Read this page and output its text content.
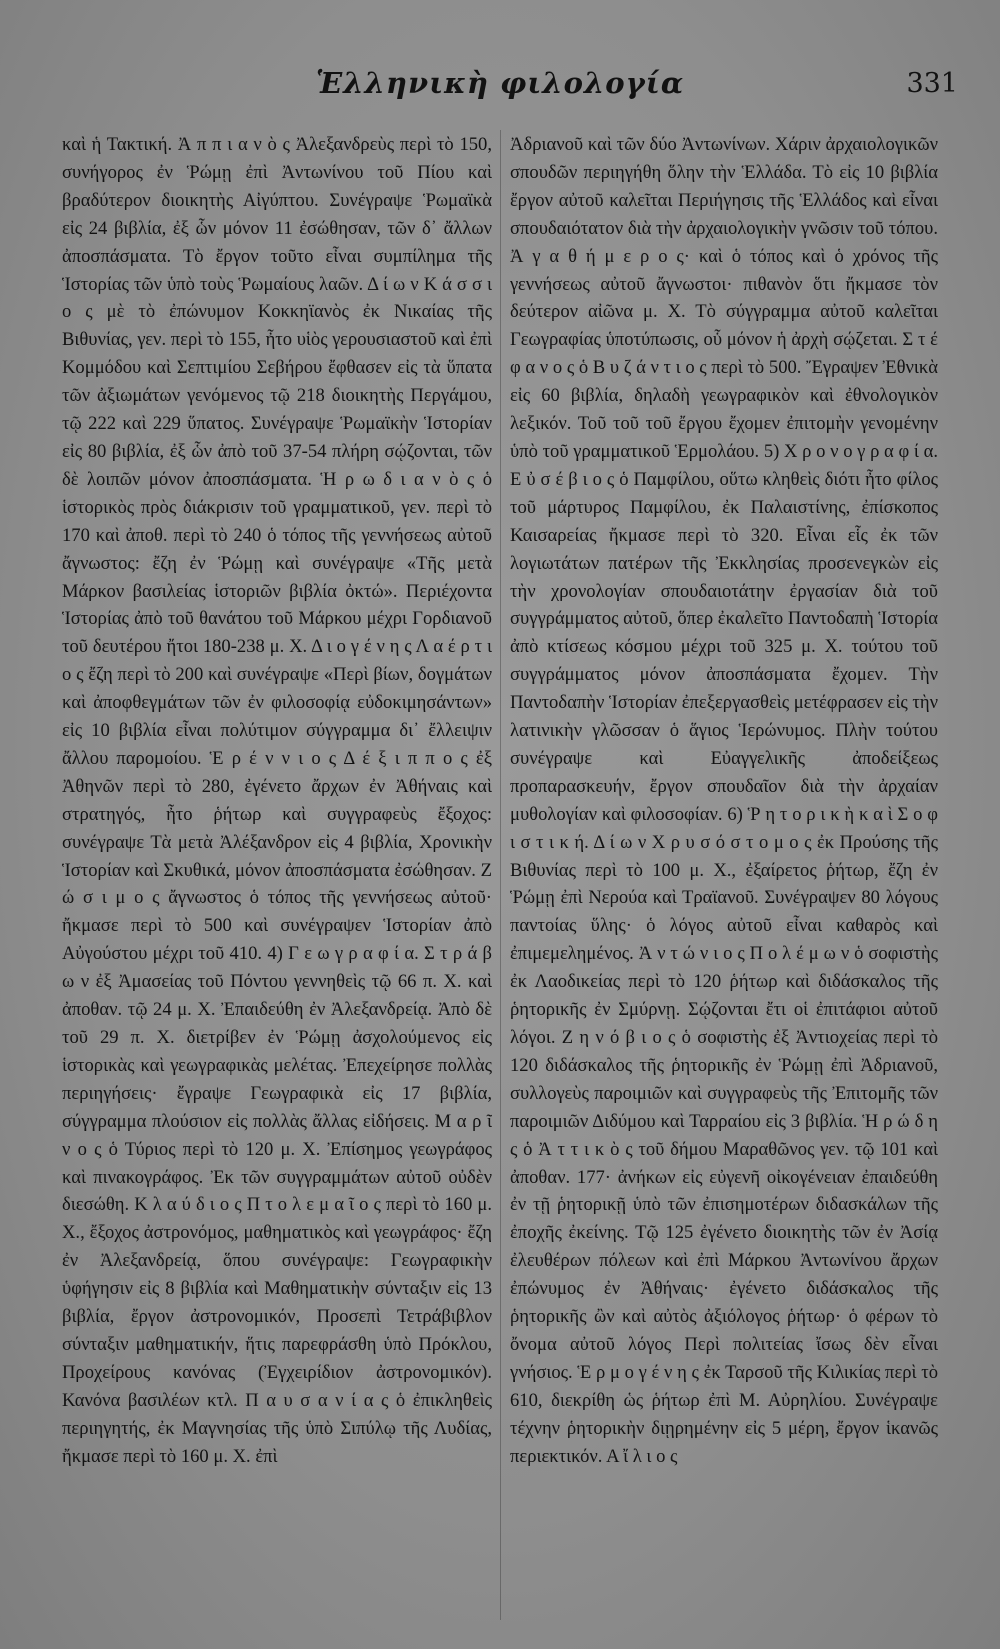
Ἑλληνικὴ φιλολογία	331

καὶ ἡ Τακτική. Ἀ π π ι α ν ὸ ς Ἀλεξανδρεὺς περὶ τὸ 150, συνήγορος ἐν Ῥώμῃ ἐπὶ Ἀντωνίνου τοῦ Πίου καὶ βραδύτερον διοικητὴς Αἰγύπτου. Συνέγραψε Ῥωμαϊκὰ εἰς 24 βιβλία, ἐξ ὧν μόνον 11 ἐσώθησαν, τῶν δ᾽ ἄλλων ἀποσπάσματα. Τὸ ἔργον τοῦτο εἶναι συμπίλημα τῆς Ἱστορίας τῶν ὑπὸ τοὺς Ῥωμαίους λαῶν. Δ ί ω ν Κ ά σ σ ι ο ς μὲ τὸ ἐπώνυμον Κοκκηϊανὸς ἐκ Νικαίας τῆς Βιθυνίας, γεν. περὶ τὸ 155, ἦτο υἱὸς γερουσιαστοῦ καὶ ἐπὶ Κομμόδου καὶ Σεπτιμίου Σεβήρου ἔφθασεν εἰς τὰ ὕπατα τῶν ἀξιωμάτων γενόμενος τῷ 218 διοικητὴς Περγάμου, τῷ 222 καὶ 229 ὕπατος. Συνέγραψε Ῥωμαϊκὴν Ἱστορίαν εἰς 80 βιβλία, ἐξ ὧν ἀπὸ τοῦ 37-54 πλήρη σῴζονται, τῶν δὲ λοιπῶν μόνον ἀποσπάσματα. Ἡ ρ ω δ ι α ν ὸ ς ὁ ἱστορικὸς πρὸς διάκρισιν τοῦ γραμματικοῦ, γεν. περὶ τὸ 170 καὶ ἀποθ. περὶ τὸ 240 ὁ τόπος τῆς γεννήσεως αὐτοῦ ἄγνωστος: ἔζη ἐν Ῥώμῃ καὶ συνέγραψε «Τῆς μετὰ Μάρκον βασιλείας ἱστοριῶν βιβλία ὀκτώ». Περιέχοντα Ἱστορίας ἀπὸ τοῦ θανάτου τοῦ Μάρκου μέχρι Γορδιανοῦ τοῦ δευτέρου ἤτοι 180-238 μ. Χ. Δ ι ο γ έ ν η ς Λ α έ ρ τ ι ο ς ἔζη περὶ τὸ 200 καὶ συνέγραψε «Περὶ βίων, δογμάτων καὶ ἀποφθεγμάτων τῶν ἐν φιλοσοφίᾳ εὐδοκιμησάντων» εἰς 10 βιβλία εἶναι πολύτιμον σύγγραμμα δι᾽ ἔλλειψιν ἄλλου παρομοίου. Ἑ ρ έ ν ν ι ο ς Δ έ ξ ι π π ο ς ἐξ Ἀθηνῶν περὶ τὸ 280, ἐγένετο ἄρχων ἐν Ἀθήναις καὶ στρατηγός, ἦτο ῥήτωρ καὶ συγγραφεὺς ἔξοχος: συνέγραψε Τὰ μετὰ Ἀλέξανδρον εἰς 4 βιβλία, Χρονικὴν Ἱστορίαν καὶ Σκυθικά, μόνον ἀποσπάσματα ἐσώθησαν. Ζ ώ σ ι μ ο ς ἄγνωστος ὁ τόπος τῆς γεννήσεως αὐτοῦ· ἤκμασε περὶ τὸ 500 καὶ συνέγραψεν Ἱστορίαν ἀπὸ Αὐγούστου μέχρι τοῦ 410. 4) Γ ε ω γ ρ α φ ί α. Σ τ ρ ά β ω ν ἐξ Ἀμασείας τοῦ Πόντου γεννηθεὶς τῷ 66 π. Χ. καὶ ἀποθαν. τῷ 24 μ. Χ. Ἐπαιδεύθη ἐν Ἀλεξανδρείᾳ. Ἀπὸ δὲ τοῦ 29 π. Χ. διετρίβεν ἐν Ῥώμῃ ἀσχολούμενος εἰς ἱστορικὰς καὶ γεωγραφικὰς μελέτας. Ἐπεχείρησε πολλὰς περιηγήσεις· ἔγραψε Γεωγραφικὰ εἰς 17 βιβλία, σύγγραμμα πλούσιον εἰς πολλὰς ἄλλας εἰδήσεις. Μ α ρ ῖ ν ο ς ὁ Τύριος περὶ τὸ 120 μ. Χ. Ἐπίσημος γεωγράφος καὶ πινακογράφος. Ἐκ τῶν συγγραμμάτων αὐτοῦ οὐδὲν διεσώθη. Κ λ α ύ δ ι ο ς Π τ ο λ ε μ α ῖ ο ς περὶ τὸ 160 μ. Χ., ἔξοχος ἀστρονόμος, μαθηματικὸς καὶ γεωγράφος· ἔζη ἐν Ἀλεξανδρείᾳ, ὅπου συνέγραψε: Γεωγραφικὴν ὑφήγησιν εἰς 8 βιβλία καὶ Μαθηματικὴν σύνταξιν εἰς 13 βιβλία, ἔργον ἀστρονομικόν, Προσεπὶ Τετράβιβλον σύνταξιν μαθηματικήν, ἥτις παρεφράσθη ὑπὸ Πρόκλου, Προχείρους κανόνας (Ἐγχειρίδιον ἀστρονομικόν). Κανόνα βασιλέων κτλ. Π α υ σ α ν ί α ς ὁ ἐπικληθεὶς περιηγητής, ἐκ Μαγνησίας τῆς ὑπὸ Σιπύλῳ τῆς Λυδίας, ἤκμασε περὶ τὸ 160 μ. Χ. ἐπὶ

Ἀδριανοῦ καὶ τῶν δύο Ἀντωνίνων. Χάριν ἀρχαιολογικῶν σπουδῶν περιηγήθη ὅλην τὴν Ἑλλάδα. Τὸ εἰς 10 βιβλία ἔργον αὐτοῦ καλεῖται Περιήγησις τῆς Ἑλλάδος καὶ εἶναι σπουδαιότατον διὰ τὴν ἀρχαιολογικὴν γνῶσιν τοῦ τόπου. Ἀ γ α θ ή μ ε ρ ο ς· καὶ ὁ τόπος καὶ ὁ χρόνος τῆς γεννήσεως αὐτοῦ ἄγνωστοι· πιθανὸν ὅτι ἤκμασε τὸν δεύτερον αἰῶνα μ. Χ. Τὸ σύγγραμμα αὐτοῦ καλεῖται Γεωγραφίας ὑποτύπωσις, οὗ μόνον ἡ ἀρχὴ σῴζεται. Σ τ έ φ α ν ο ς ὁ Β υ ζ ά ν τ ι ο ς περὶ τὸ 500. Ἔγραψεν Ἐθνικὰ εἰς 60 βιβλία, δηλαδὴ γεωγραφικὸν καὶ ἐθνολογικὸν λεξικόν. Τοῦ τοῦ τοῦ ἔργου ἔχομεν ἐπιτομὴν γενομένην ὑπὸ τοῦ γραμματικοῦ Ἑρμολάου. 5) Χ ρ ο ν ο γ ρ α φ ί α. Ε ὐ σ έ β ι ο ς ὁ Παμφίλου, οὕτω κληθεὶς διότι ἦτο φίλος τοῦ μάρτυρος Παμφίλου, ἐκ Παλαιστίνης, ἐπίσκοπος Καισαρείας ἤκμασε περὶ τὸ 320. Εἶναι εἷς ἐκ τῶν λογιωτάτων πατέρων τῆς Ἐκκλησίας προσενεγκὼν εἰς τὴν χρονολογίαν σπουδαιοτάτην ἐργασίαν διὰ τοῦ συγγράμματος αὐτοῦ, ὅπερ ἐκαλεῖτο Παντοδαπὴ Ἱστορία ἀπὸ κτίσεως κόσμου μέχρι τοῦ 325 μ. Χ. τούτου τοῦ συγγράμματος μόνον ἀποσπάσματα ἔχομεν. Τὴν Παντοδαπὴν Ἱστορίαν ἐπεξεργασθεὶς μετέφρασεν εἰς τὴν λατινικὴν γλῶσσαν ὁ ἅγιος Ἱερώνυμος. Πλὴν τούτου συνέγραψε καὶ Εὐαγγελικῆς ἀποδείξεως προπαρασκευήν, ἔργον σπουδαῖον διὰ τὴν ἀρχαίαν μυθολογίαν καὶ φιλοσοφίαν. 6) Ῥ η τ ο ρ ι κ ὴ κ α ὶ Σ ο φ ι σ τ ι κ ή. Δ ί ω ν Χ ρ υ σ ό σ τ ο μ ο ς ἐκ Προύσης τῆς Βιθυνίας περὶ τὸ 100 μ. Χ., ἐξαίρετος ῥήτωρ, ἔζη ἐν Ῥώμῃ ἐπὶ Νερούα καὶ Τραϊανοῦ. Συνέγραψεν 80 λόγους παντοίας ὕλης· ὁ λόγος αὐτοῦ εἶναι καθαρὸς καὶ ἐπιμεμελημένος. Ἀ ν τ ώ ν ι ο ς Π ο λ έ μ ω ν ὁ σοφιστὴς ἐκ Λαοδικείας περὶ τὸ 120 ῥήτωρ καὶ διδάσκαλος τῆς ῥητορικῆς ἐν Σμύρνῃ. Σῴζονται ἔτι οἱ ἐπιτάφιοι αὐτοῦ λόγοι. Ζ η ν ό β ι ο ς ὁ σοφιστὴς ἐξ Ἀντιοχείας περὶ τὸ 120 διδάσκαλος τῆς ῥητορικῆς ἐν Ῥώμῃ ἐπὶ Ἀδριανοῦ, συλλογεὺς παροιμιῶν καὶ συγγραφεὺς τῆς Ἐπιτομῆς τῶν παροιμιῶν Διδύμου καὶ Ταρραίου εἰς 3 βιβλία. Ἡ ρ ώ δ η ς ὁ Ἀ τ τ ι κ ὸ ς τοῦ δήμου Μαραθῶνος γεν. τῷ 101 καὶ ἀποθαν. 177· ἀνήκων εἰς εὐγενῆ οἰκογένειαν ἐπαιδεύθη ἐν τῇ ῥητορικῇ ὑπὸ τῶν ἐπισημοτέρων διδασκάλων τῆς ἐποχῆς ἐκείνης. Τῷ 125 ἐγένετο διοικητὴς τῶν ἐν Ἀσίᾳ ἐλευθέρων πόλεων καὶ ἐπὶ Μάρκου Ἀντωνίνου ἄρχων ἐπώνυμος ἐν Ἀθήναις· ἐγένετο διδάσκαλος τῆς ῥητορικῆς ὢν καὶ αὐτὸς ἀξιόλογος ῥήτωρ· ὁ φέρων τὸ ὄνομα αὐτοῦ λόγος Περὶ πολιτείας ἴσως δὲν εἶναι γνήσιος. Ἑ ρ μ ο γ έ ν η ς ἐκ Ταρσοῦ τῆς Κιλικίας περὶ τὸ 610, διεκρίθη ὡς ῥήτωρ ἐπὶ Μ. Αὐρηλίου. Συνέγραψε τέχνην ῥητορικὴν διῃρημένην εἰς 5 μέρη, ἔργον ἱκανῶς περιεκτικόν. Α ἴ λ ι ο ς
